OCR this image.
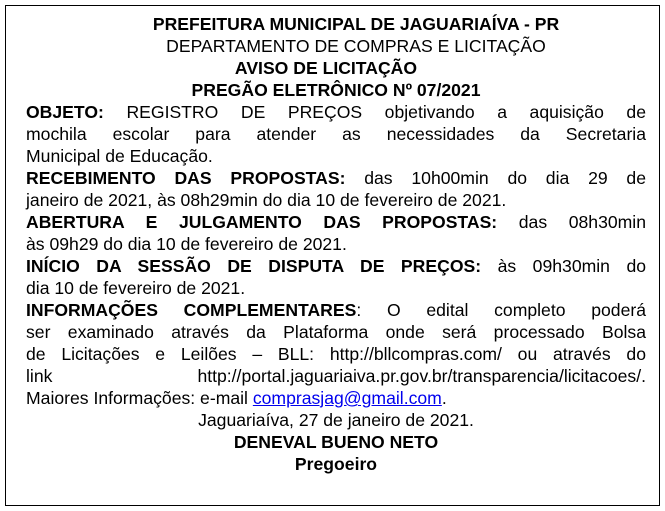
PREFEITURA MUNICIPAL DE JAGUARIAÍVA - PR
DEPARTAMENTO DE COMPRAS E LICITAÇÃO
AVISO DE LICITAÇÃO
PREGÃO ELETRÔNICO Nº 07/2021
OBJETO: REGISTRO DE PREÇOS objetivando a aquisição de
mochila escolar para atender as necessidades da Secretaria
Municipal de Educação.
RECEBIMENTO DAS PROPOSTAS: das 10h00min do dia 29 de
janeiro de 2021, às 08h29min do dia 10 de fevereiro de 2021.
ABERTURA E JULGAMENTO DAS PROPOSTAS: das 08h30min
às 09h29 do dia 10 de fevereiro de 2021.
INÍCIO DA SESSÃO DE DISPUTA DE PREÇOS: às 09h30min do
dia 10 de fevereiro de 2021.
INFORMAÇÕES COMPLEMENTARES: O edital completo poderá
ser examinado através da Plataforma onde será processado Bolsa
de Licitações e Leilões – BLL: http://bllcompras.com/ ou através do
link	http://portal.jaguariaiva.pr.gov.br/transparencia/licitacoes/.
Maiores Informações: e-mail comprasjag@gmail.com.
Jaguariaíva, 27 de janeiro de 2021.
DENEVAL BUENO NETO
Pregoeiro
